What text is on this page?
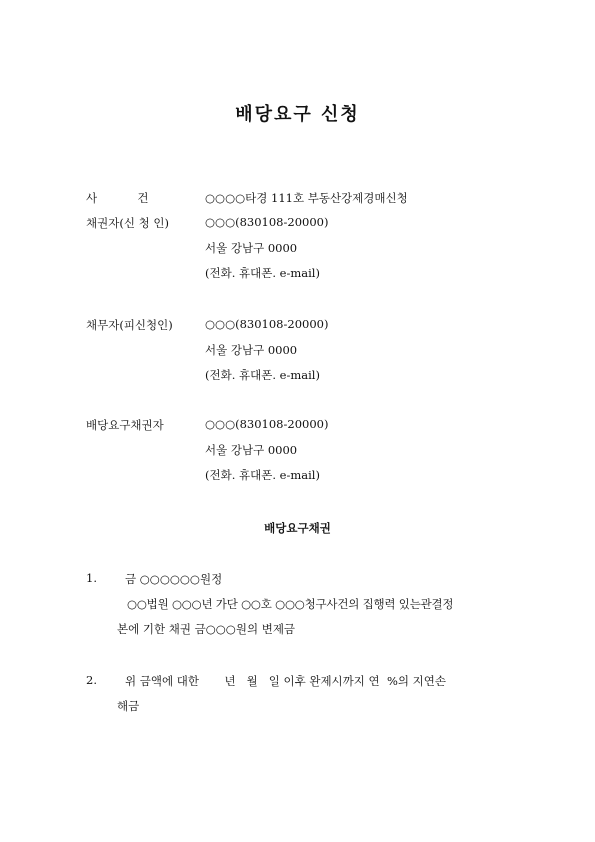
배당요구 신청
사           건	○○○○타경 111호 부동산강제경매신청
채권자(신 청 인)	○○○(830108-20000)
서울 강남구 0000
(전화. 휴대폰. e-mail)
채무자(피신청인)	○○○(830108-20000)
서울 강남구 0000
(전화. 휴대폰. e-mail)
배당요구채권자	○○○(830108-20000)
서울 강남구 0000
(전화. 휴대폰. e-mail)
배당요구채권
1. 금 ○○○○○○원정
○○법원 ○○○년 가단 ○○호 ○○○청구사건의 집행력 있는관결정
본에 기한 채권 금○○○원의 변제금
2. 위 금액에 대한       년   월   일 이후 완제시까지 연  %의 지연손
해금
